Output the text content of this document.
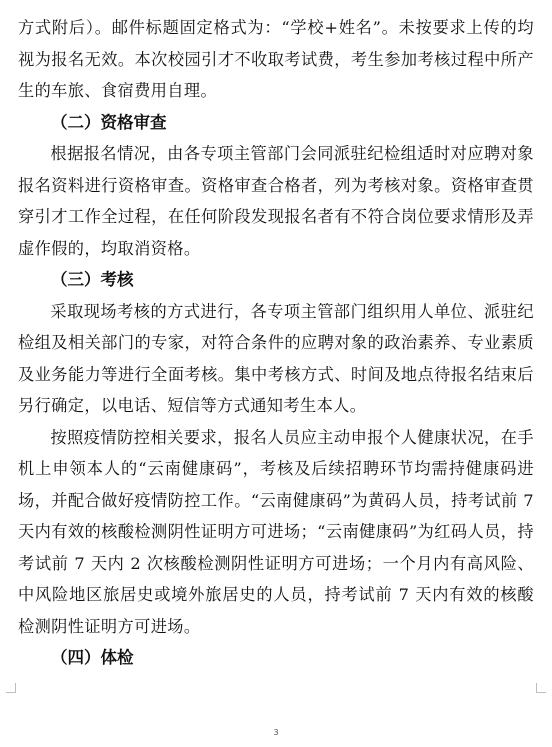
方式附后）。邮件标题固定格式为：“学校+姓名”。未按要求上传的均视为报名无效。本次校园引才不收取考试费，考生参加考核过程中所产生的车旅、食宿费用自理。

（二）资格审查

根据报名情况，由各专项主管部门会同派驻纪检组适时对应聘对象报名资料进行资格审查。资格审查合格者，列为考核对象。资格审查贯穿引才工作全过程，在任何阶段发现报名者有不符合岗位要求情形及弄虚作假的，均取消资格。

（三）考核

采取现场考核的方式进行，各专项主管部门组织用人单位、派驻纪检组及相关部门的专家，对符合条件的应聘对象的政治素养、专业素质及业务能力等进行全面考核。集中考核方式、时间及地点待报名结束后另行确定，以电话、短信等方式通知考生本人。

按照疫情防控相关要求，报名人员应主动申报个人健康状况，在手机上申领本人的“云南健康码”，考核及后续招聘环节均需持健康码进场，并配合做好疫情防控工作。“云南健康码”为黄码人员，持考试前 7 天内有效的核酸检测阴性证明方可进场；“云南健康码”为红码人员，持考试前 7 天内 2 次核酸检测阴性证明方可进场；一个月内有高风险、中风险地区旅居史或境外旅居史的人员，持考试前 7 天内有效的核酸检测阴性证明方可进场。

（四）体检

3
